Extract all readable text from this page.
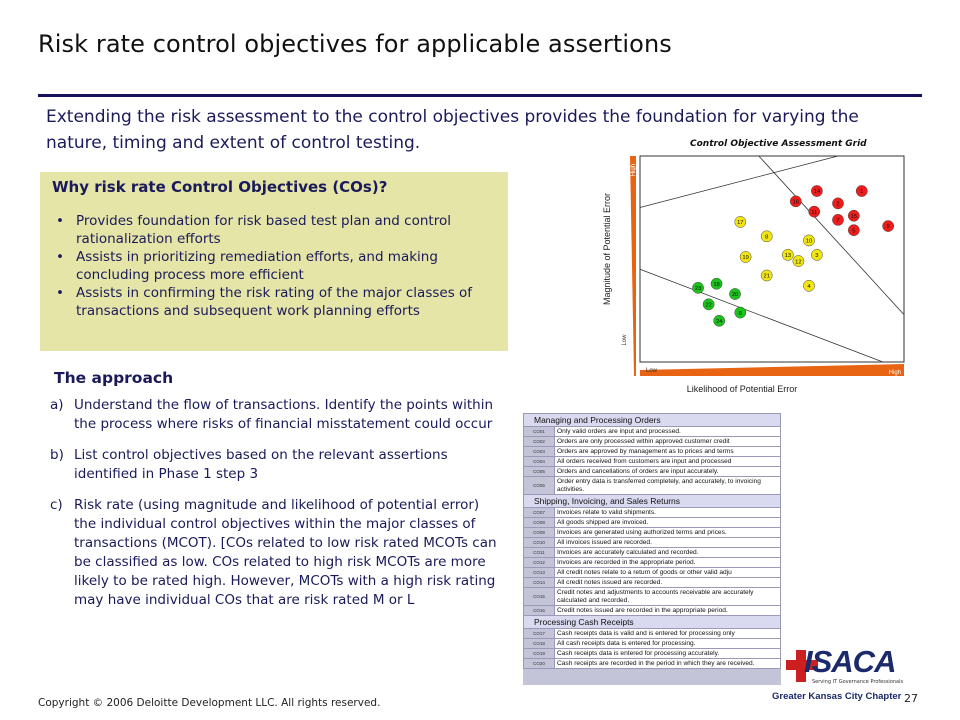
Risk rate control objectives for applicable assertions
Extending the risk assessment to the control objectives provides the foundation for varying the nature, timing and extent of control testing.
Why risk rate Control Objectives (COs)?
• Provides foundation for risk based test plan and control rationalization efforts
• Assists in prioritizing remediation efforts, and making concluding process more efficient
• Assists in confirming the risk rating of the major classes of transactions and subsequent work planning efforts
The approach
a) Understand the flow of transactions. Identify the points within the process where risks of financial misstatement could occur
b) List control objectives based on the relevant assertions identified in Phase 1 step 3
c) Risk rate (using magnitude and likelihood of potential error) the individual control objectives within the major classes of transactions (MCOT). [COs related to low risk rated MCOTs can be classified as low. COs related to high risk MCOTs are more likely to be rated high. However, MCOTs with a high risk rating may have individual COs that are risk rated M or L
Control Objective Assessment Grid
High
Low
High
Low
Likelihood of Potential Error
Magnitude of Potential Error
1
14
16	2
11
15
7
9
5
17
8
10
13	3
12
19
21
4
18
23
20
22
6
24
Managing and Processing Orders	
CO01	Only valid orders are input and processed.
CO02	Orders are only processed within approved customer credit
CO03	Orders are approved by management as to prices and terms
CO04	All orders received from customers are input and processed
CO05	Orders and cancellations of orders are input accurately.
CO06	Order entry data is transferred completely, and accurately, to invoicing activities.
Shipping, Invoicing, and Sales Returns	
CO07	Invoices relate to valid shipments.
CO08	All goods shipped are invoiced.
CO09	Invoices are generated using authorized terms and prices.
CO10	All invoices issued are recorded.
CO11	Invoices are accurately calculated and recorded.
CO12	Invoices are recorded in the appropriate period.
CO13	All credit notes relate to a return of goods or other valid adju
CO14	All credit notes issued are recorded.
CO15	Credit notes and adjustments to accounts receivable are accurately calculated and recorded.
CO16	Credit notes issued are recorded in the appropriate period.
Processing Cash Receipts	
CO17	Cash receipts data is valid and is entered for processing only
CO18	All cash receipts data is entered for processing.
CO19	Cash receipts data is entered for processing accurately.
CO20	Cash receipts are recorded in the period in which they are received. ISACA
Serving IT Governance Professionals
Greater Kansas City Chapter
Copyright © 2006 Deloitte Development LLC. All rights reserved.	27
